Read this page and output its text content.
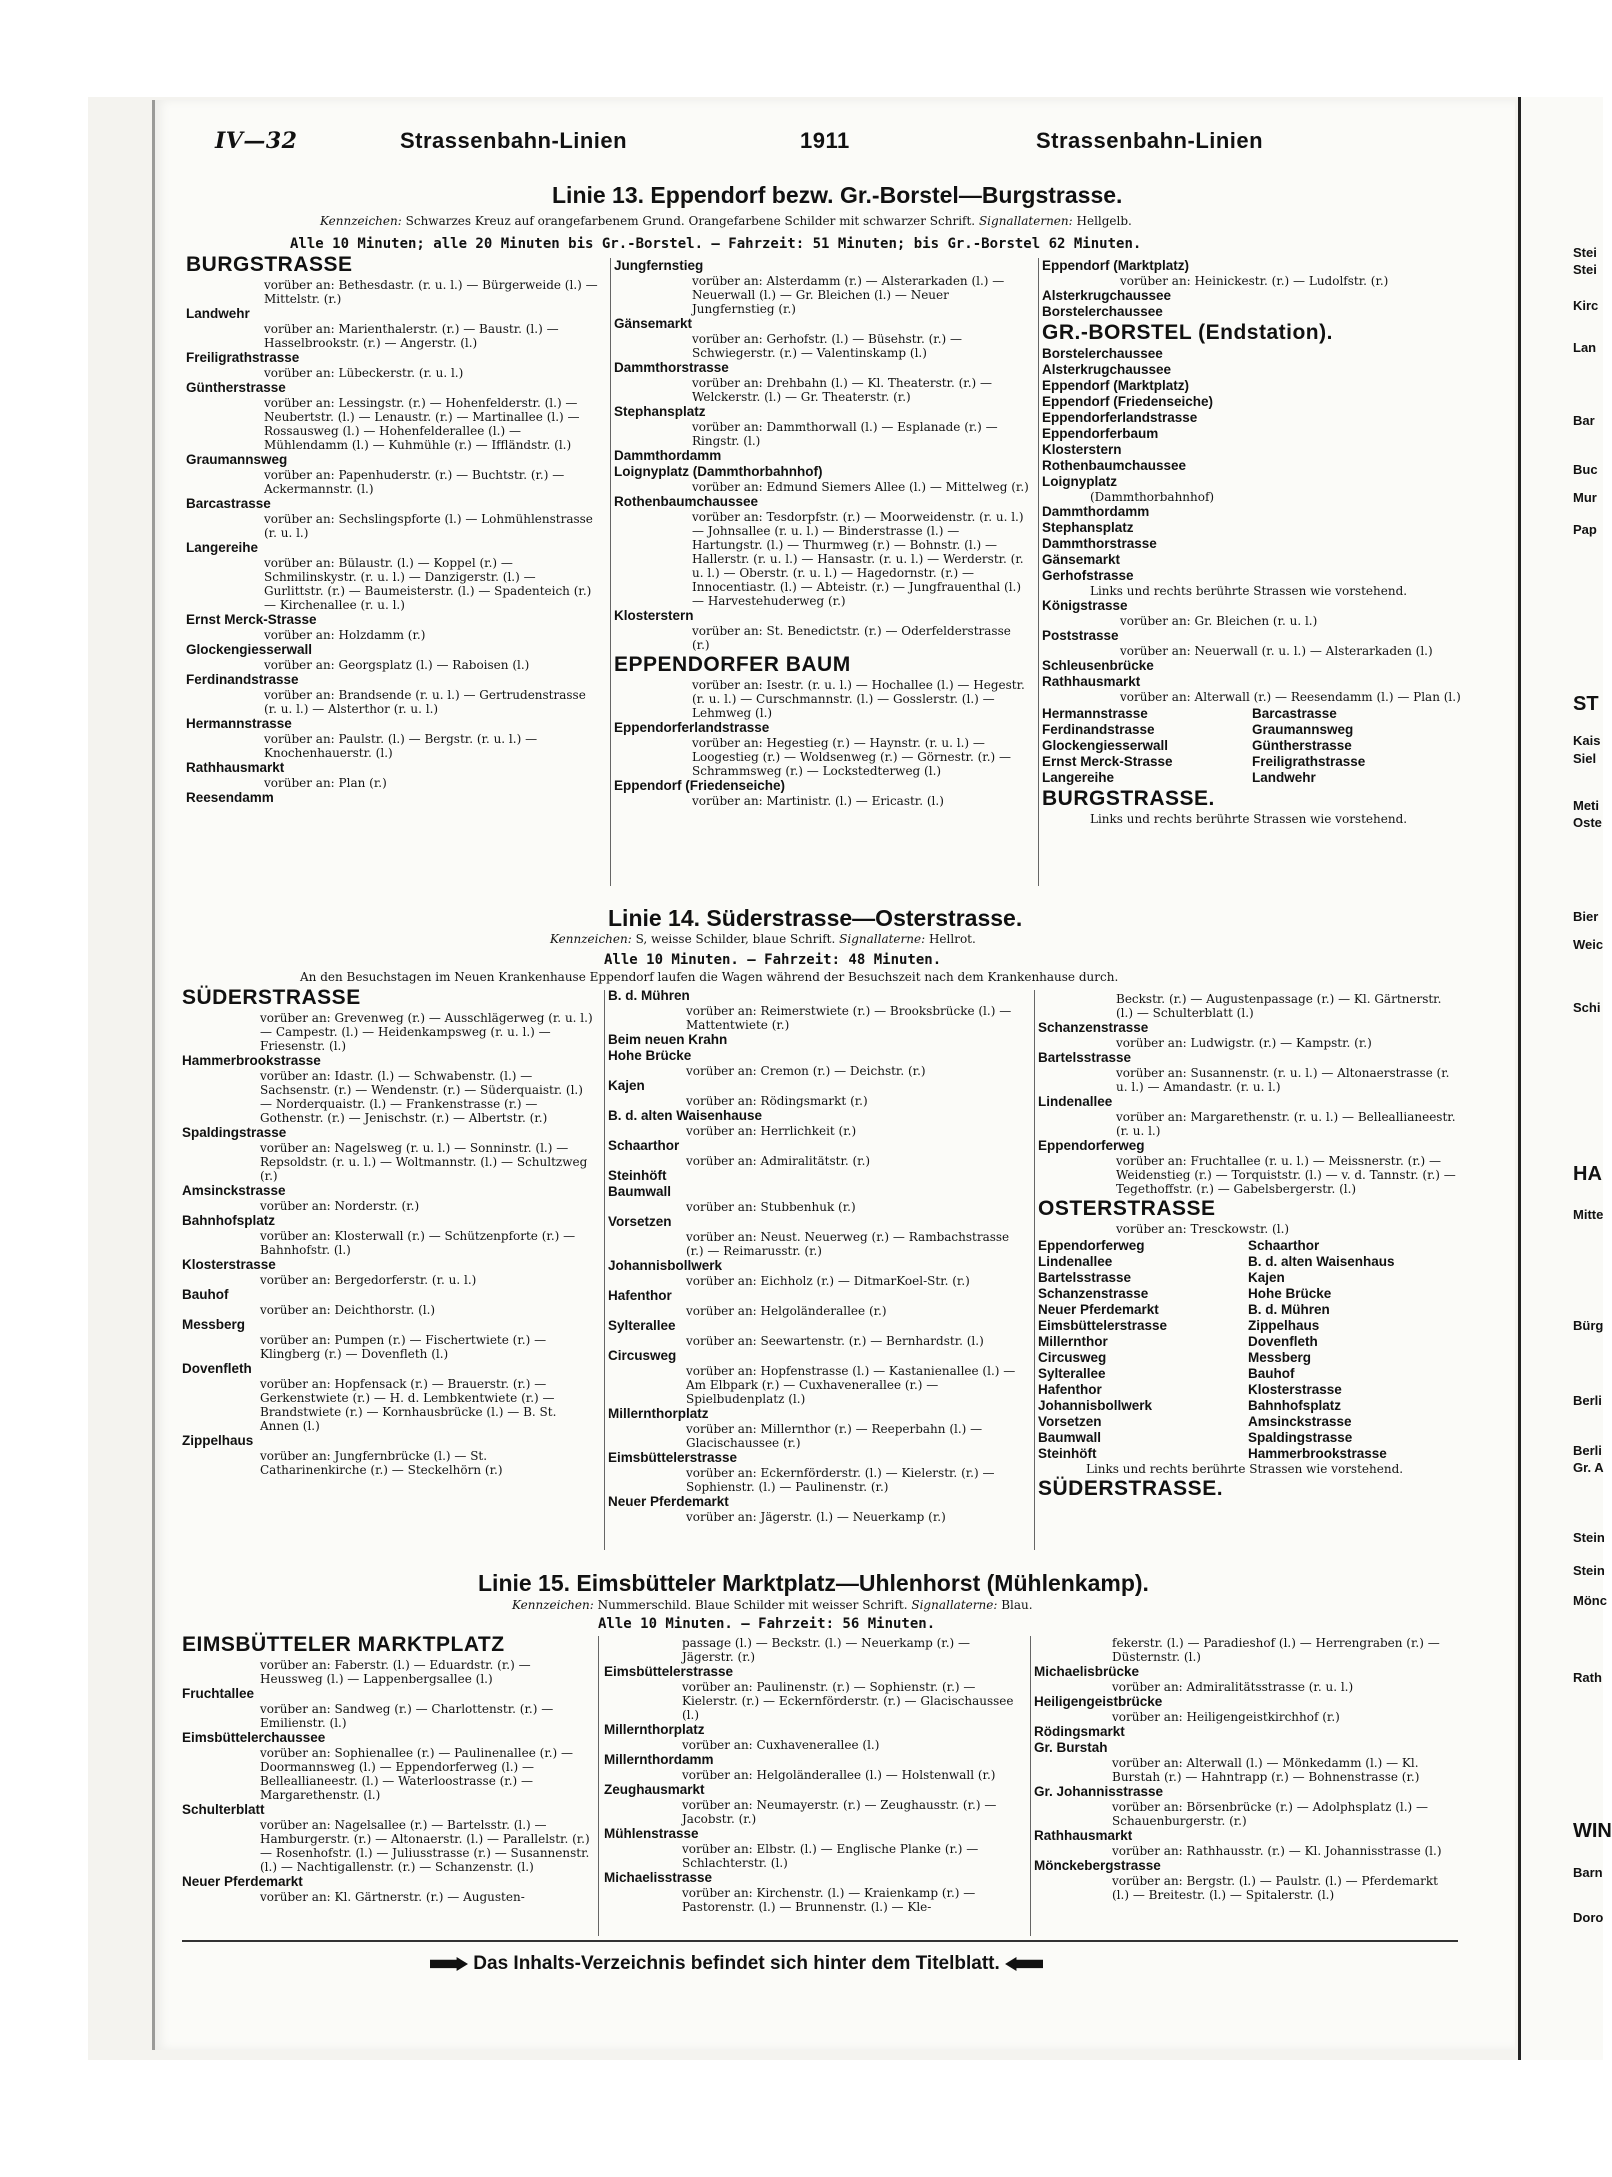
IV—32	Strassenbahn-Linien	1911	Strassenbahn-Linien
Linie 13. Eppendorf bezw. Gr.-Borstel—Burgstrasse.
Kennzeichen: Schwarzes Kreuz auf orangefarbenem Grund. Orangefarbene Schilder mit schwarzer Schrift. Signallaternen: Hellgelb.
Alle 10 Minuten; alle 20 Minuten bis Gr.-Borstel. — Fahrzeit: 51 Minuten; bis Gr.-Borstel 62 Minuten.
BURGSTRASSE
vorüber an: Bethesdastr. (r. u. l.) — Bürgerweide (l.) — Mittelstr. (r.)
Landwehr
vorüber an: Marienthalerstr. (r.) — Baustr. (l.) — Hasselbrookstr. (r.) — Angerstr. (l.)
Freiligrathstrasse
vorüber an: Lübeckerstr. (r. u. l.)
Güntherstrasse
vorüber an: Lessingstr. (r.) — Hohenfelderstr. (l.) — Neubertstr. (l.) — Lenaustr. (r.) — Martinallee (l.) — Rossausweg (l.) — Hohenfelderallee (l.) — Mühlendamm (l.) — Kuhmühle (r.) — Iffländstr. (l.)
Graumannsweg
vorüber an: Papenhuderstr. (r.) — Buchtstr. (r.) — Ackermannstr. (l.)
Barcastrasse
vorüber an: Sechslingspforte (l.) — Lohmühlenstrasse (r. u. l.)
Langereihe
vorüber an: Bülaustr. (l.) — Koppel (r.) — Schmilinskystr. (r. u. l.) — Danzigerstr. (l.) — Gurlittstr. (r.) — Baumeisterstr. (l.) — Spadenteich (r.) — Kirchenallee (r. u. l.)
Ernst Merck-Strasse
vorüber an: Holzdamm (r.)
Glockengiesserwall
vorüber an: Georgsplatz (l.) — Raboisen (l.)
Ferdinandstrasse
vorüber an: Brandsende (r. u. l.) — Gertrudenstrasse (r. u. l.) — Alsterthor (r. u. l.)
Hermannstrasse
vorüber an: Paulstr. (l.) — Bergstr. (r. u. l.) — Knochenhauerstr. (l.)
Rathhausmarkt
vorüber an: Plan (r.)
Reesendamm
Jungfernstieg
vorüber an: Alsterdamm (r.) — Alsterarkaden (l.) — Neuerwall (l.) — Gr. Bleichen (l.) — Neuer Jungfernstieg (r.)
Gänsemarkt
vorüber an: Gerhofstr. (l.) — Büsehstr. (r.) — Schwiegerstr. (r.) — Valentinskamp (l.)
Dammthorstrasse
vorüber an: Drehbahn (l.) — Kl. Theaterstr. (r.) — Welckerstr. (l.) — Gr. Theaterstr. (r.)
Stephansplatz
vorüber an: Dammthorwall (l.) — Esplanade (r.) — Ringstr. (l.)
Dammthordamm
Loignyplatz (Dammthorbahnhof)
vorüber an: Edmund Siemers Allee (l.) — Mittelweg (r.)
Rothenbaumchaussee
vorüber an: Tesdorpfstr. (r.) — Moorweidenstr. (r. u. l.) — Johnsallee (r. u. l.) — Binderstrasse (l.) — Hartungstr. (l.) — Thurmweg (r.) — Bohnstr. (l.) — Hallerstr. (r. u. l.) — Hansastr. (r. u. l.) — Werderstr. (r. u. l.) — Oberstr. (r. u. l.) — Hagedornstr. (r.) — Innocentiastr. (l.) — Abteistr. (r.) — Jungfrauenthal (l.) — Harvestehuderweg (r.)
Klosterstern
vorüber an: St. Benedictstr. (r.) — Oderfelderstrasse (r.)
EPPENDORFER BAUM
vorüber an: Isestr. (r. u. l.) — Hochallee (l.) — Hegestr. (r. u. l.) — Curschmannstr. (l.) — Gosslerstr. (l.) — Lehmweg (l.)
Eppendorferlandstrasse
vorüber an: Hegestieg (r.) — Haynstr. (r. u. l.) — Loogestieg (r.) — Woldsenweg (r.) — Görnestr. (r.) — Schrammsweg (r.) — Lockstedterweg (l.)
Eppendorf (Friedenseiche)
vorüber an: Martinistr. (l.) — Ericastr. (l.)
Eppendorf (Marktplatz)
vorüber an: Heinickestr. (r.) — Ludolfstr. (r.)
Alsterkrugchaussee
Borstelerchaussee
GR.-BORSTEL (Endstation).
Borstelerchaussee
Alsterkrugchaussee
Eppendorf (Marktplatz)
Eppendorf (Friedenseiche)
Eppendorferlandstrasse
Eppendorferbaum
Klosterstern
Rothenbaumchaussee
Loignyplatz
(Dammthorbahnhof)
Dammthordamm
Stephansplatz
Dammthorstrasse
Gänsemarkt
Gerhofstrasse
Links und rechts berührte Strassen wie vorstehend.
Königstrasse
vorüber an: Gr. Bleichen (r. u. l.)
Poststrasse
vorüber an: Neuerwall (r. u. l.) — Alsterarkaden (l.)
Schleusenbrücke
Rathhausmarkt
vorüber an: Alterwall (r.) — Reesendamm (l.) — Plan (l.)
Hermannstrasse	Barcastrasse
Ferdinandstrasse	Graumannsweg
Glockengiesserwall	Güntherstrasse
Ernst Merck-Strasse	Freiligrathstrasse
Langereihe	Landwehr
BURGSTRASSE.
Links und rechts berührte Strassen wie vorstehend.
Linie 14. Süderstrasse—Osterstrasse.
Kennzeichen: S, weisse Schilder, blaue Schrift. Signallaterne: Hellrot.
Alle 10 Minuten. — Fahrzeit: 48 Minuten.
An den Besuchstagen im Neuen Krankenhause Eppendorf laufen die Wagen während der Besuchszeit nach dem Krankenhause durch.
SÜDERSTRASSE
vorüber an: Grevenweg (r.) — Ausschlägerweg (r. u. l.) — Campestr. (l.) — Heidenkampsweg (r. u. l.) — Friesenstr. (l.)
Hammerbrookstrasse
vorüber an: Idastr. (l.) — Schwabenstr. (l.) — Sachsenstr. (r.) — Wendenstr. (r.) — Süderquaistr. (l.) — Norderquaistr. (l.) — Frankenstrasse (r.) — Gothenstr. (r.) — Jenischstr. (r.) — Albertstr. (r.)
Spaldingstrasse
vorüber an: Nagelsweg (r. u. l.) — Sonninstr. (l.) — Repsoldstr. (r. u. l.) — Woltmannstr. (l.) — Schultzweg (r.)
Amsinckstrasse
vorüber an: Norderstr. (r.)
Bahnhofsplatz
vorüber an: Klosterwall (r.) — Schützenpforte (r.) — Bahnhofstr. (l.)
Klosterstrasse
vorüber an: Bergedorferstr. (r. u. l.)
Bauhof
vorüber an: Deichthorstr. (l.)
Messberg
vorüber an: Pumpen (r.) — Fischertwiete (r.) — Klingberg (r.) — Dovenfleth (l.)
Dovenfleth
vorüber an: Hopfensack (r.) — Brauerstr. (r.) — Gerkenstwiete (r.) — H. d. Lembkentwiete (r.) — Brandstwiete (r.) — Kornhausbrücke (l.) — B. St. Annen (l.)
Zippelhaus
vorüber an: Jungfernbrücke (l.) — St. Catharinenkirche (r.) — Steckelhörn (r.)
B. d. Mühren
vorüber an: Reimerstwiete (r.) — Brooksbrücke (l.) — Mattentwiete (r.)
Beim neuen Krahn
Hohe Brücke
vorüber an: Cremon (r.) — Deichstr. (r.)
Kajen
vorüber an: Rödingsmarkt (r.)
B. d. alten Waisenhause
vorüber an: Herrlichkeit (r.)
Schaarthor
vorüber an: Admiralitätstr. (r.)
Steinhöft
Baumwall
vorüber an: Stubbenhuk (r.)
Vorsetzen
vorüber an: Neust. Neuerweg (r.) — Rambachstrasse (r.) — Reimarusstr. (r.)
Johannisbollwerk
vorüber an: Eichholz (r.) — DitmarKoel-Str. (r.)
Hafenthor
vorüber an: Helgoländerallee (r.)
Sylterallee
vorüber an: Seewartenstr. (r.) — Bernhardstr. (l.)
Circusweg
vorüber an: Hopfenstrasse (l.) — Kastanienallee (l.) — Am Elbpark (r.) — Cuxhavenerallee (r.) — Spielbudenplatz (l.)
Millernthorplatz
vorüber an: Millernthor (r.) — Reeperbahn (l.) — Glacischaussee (r.)
Eimsbüttelerstrasse
vorüber an: Eckernförderstr. (l.) — Kielerstr. (r.) — Sophienstr. (l.) — Paulinenstr. (r.)
Neuer Pferdemarkt
vorüber an: Jägerstr. (l.) — Neuerkamp (r.)
Beckstr. (r.) — Augustenpassage (r.) — Kl. Gärtnerstr. (l.) — Schulterblatt (l.)
Schanzenstrasse
vorüber an: Ludwigstr. (r.) — Kampstr. (r.)
Bartelsstrasse
vorüber an: Susannenstr. (r. u. l.) — Altonaerstrasse (r. u. l.) — Amandastr. (r. u. l.)
Lindenallee
vorüber an: Margarethenstr. (r. u. l.) — Belleallianeestr. (r. u. l.)
Eppendorferweg
vorüber an: Fruchtallee (r. u. l.) — Meissnerstr. (r.) — Weidenstieg (r.) — Torquiststr. (l.) — v. d. Tannstr. (r.) — Tegethoffstr. (r.) — Gabelsbergerstr. (l.)
OSTERSTRASSE
vorüber an: Tresckowstr. (l.)
Eppendorferweg	Schaarthor
Lindenallee	B. d. alten Waisenhaus
Bartelsstrasse	Kajen
Schanzenstrasse	Hohe Brücke
Neuer Pferdemarkt	B. d. Mühren
Eimsbüttelerstrasse	Zippelhaus
Millernthor	Dovenfleth
Circusweg	Messberg
Sylterallee	Bauhof
Hafenthor	Klosterstrasse
Johannisbollwerk	Bahnhofsplatz
Vorsetzen	Amsinckstrasse
Baumwall	Spaldingstrasse
Steinhöft	Hammerbrookstrasse
Links und rechts berührte Strassen wie vorstehend.
SÜDERSTRASSE.
Linie 15. Eimsbütteler Marktplatz—Uhlenhorst (Mühlenkamp).
Kennzeichen: Nummerschild. Blaue Schilder mit weisser Schrift. Signallaterne: Blau.
Alle 10 Minuten. — Fahrzeit: 56 Minuten.
EIMSBÜTTELER MARKTPLATZ
vorüber an: Faberstr. (l.) — Eduardstr. (r.) — Heussweg (l.) — Lappenbergsallee (l.)
Fruchtallee
vorüber an: Sandweg (r.) — Charlottenstr. (r.) — Emilienstr. (l.)
Eimsbüttelerchaussee
vorüber an: Sophienallee (r.) — Paulinenallee (r.) — Doormannsweg (l.) — Eppendorferweg (l.) — Belleallianeestr. (l.) — Waterloostrasse (r.) — Margarethenstr. (l.)
Schulterblatt
vorüber an: Nagelsallee (r.) — Bartelsstr. (l.) — Hamburgerstr. (r.) — Altonaerstr. (l.) — Parallelstr. (r.) — Rosenhofstr. (l.) — Juliusstrasse (r.) — Susannenstr. (l.) — Nachtigallenstr. (r.) — Schanzenstr. (l.)
Neuer Pferdemarkt
vorüber an: Kl. Gärtnerstr. (r.) — Augusten-
passage (l.) — Beckstr. (l.) — Neuerkamp (r.) — Jägerstr. (r.)
Eimsbüttelerstrasse
vorüber an: Paulinenstr. (r.) — Sophienstr. (r.) — Kielerstr. (r.) — Eckernförderstr. (r.) — Glacischaussee (l.)
Millernthorplatz
vorüber an: Cuxhavenerallee (l.)
Millernthordamm
vorüber an: Helgoländerallee (l.) — Holstenwall (r.)
Zeughausmarkt
vorüber an: Neumayerstr. (r.) — Zeughausstr. (r.) — Jacobstr. (r.)
Mühlenstrasse
vorüber an: Elbstr. (l.) — Englische Planke (r.) — Schlachterstr. (l.)
Michaelisstrasse
vorüber an: Kirchenstr. (l.) — Kraienkamp (r.) — Pastorenstr. (l.) — Brunnenstr. (l.) — Kle-
fekerstr. (l.) — Paradieshof (l.) — Herrengraben (r.) — Düsternstr. (l.)
Michaelisbrücke
vorüber an: Admiralitätsstrasse (r. u. l.)
Heiligengeistbrücke
vorüber an: Heiligengeistkirchhof (r.)
Rödingsmarkt
Gr. Burstah
vorüber an: Alterwall (l.) — Mönkedamm (l.) — Kl. Burstah (r.) — Hahntrapp (r.) — Bohnenstrasse (r.)
Gr. Johannisstrasse
vorüber an: Börsenbrücke (r.) — Adolphsplatz (l.) — Schauenburgerstr. (r.)
Rathhausmarkt
vorüber an: Rathhausstr. (r.) — Kl. Johannisstrasse (l.)
Mönckebergstrasse
vorüber an: Bergstr. (l.) — Paulstr. (l.) — Pferdemarkt (l.) — Breitestr. (l.) — Spitalerstr. (l.)
Das Inhalts-Verzeichnis befindet sich hinter dem Titelblatt.
Stei
Stei
Kirc
Lan
Bar
Buc
Mur
Pap
ST
Kais
Siel
Meti
Oste
Bier
Weic
Schi
HA
Mitte
Bürg
Berli
Berli
Gr. A
Stein
Stein
Mönc
Rath
WIN
Barn
Doro
